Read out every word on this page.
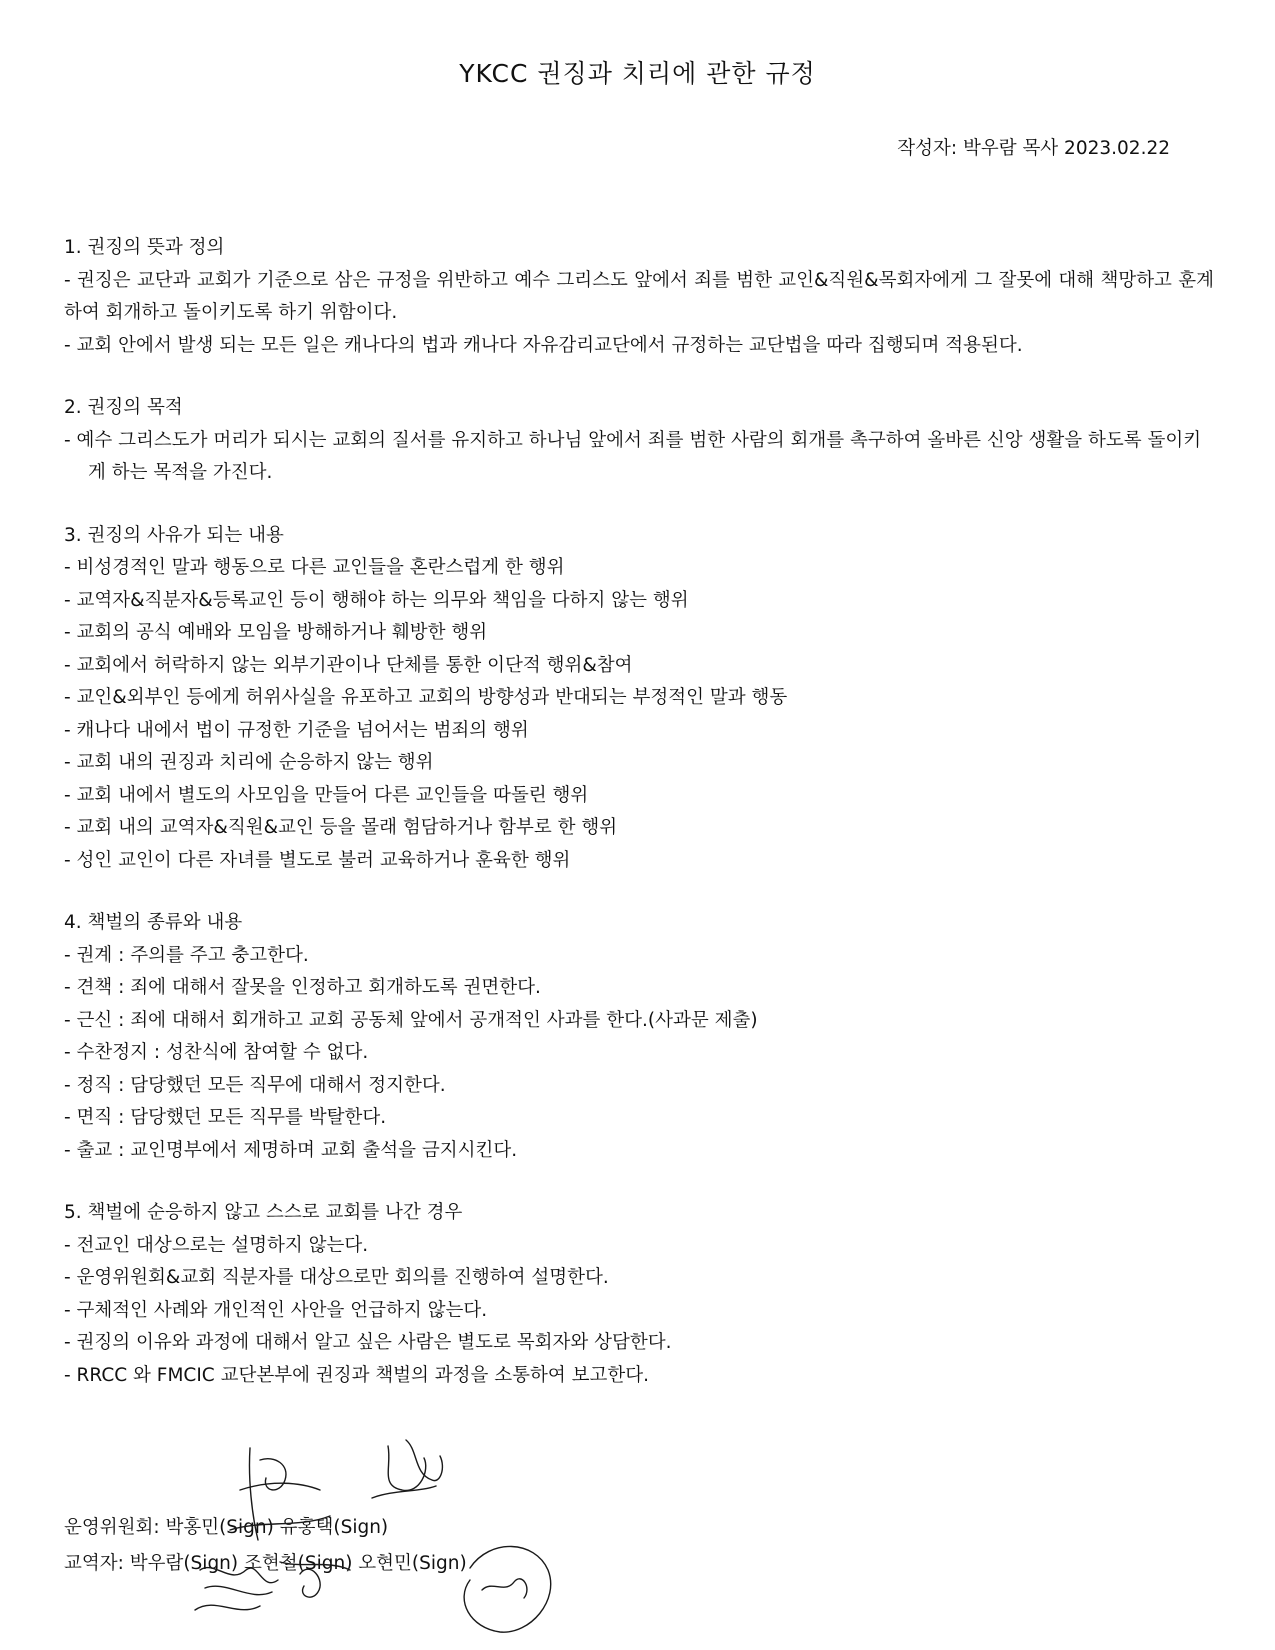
YKCC 권징과 치리에 관한 규정
작성자: 박우람 목사 2023.02.22
1. 권징의 뜻과 정의
- 권징은 교단과 교회가 기준으로 삼은 규정을 위반하고 예수 그리스도 앞에서 죄를 범한 교인&직원&목회자에게 그 잘못에 대해 책망하고 훈계하여 회개하고 돌이키도록 하기 위함이다.
- 교회 안에서 발생 되는 모든 일은 캐나다의 법과 캐나다 자유감리교단에서 규정하는 교단법을 따라 집행되며 적용된다.
2. 권징의 목적
- 예수 그리스도가 머리가 되시는 교회의 질서를 유지하고 하나님 앞에서 죄를 범한 사람의 회개를 촉구하여 올바른 신앙 생활을 하도록 돌이키게 하는 목적을 가진다.
3. 권징의 사유가 되는 내용
- 비성경적인 말과 행동으로 다른 교인들을 혼란스럽게 한 행위
- 교역자&직분자&등록교인 등이 행해야 하는 의무와 책임을 다하지 않는 행위
- 교회의 공식 예배와 모임을 방해하거나 훼방한 행위
- 교회에서 허락하지 않는 외부기관이나 단체를 통한 이단적 행위&참여
- 교인&외부인 등에게 허위사실을 유포하고 교회의 방향성과 반대되는 부정적인 말과 행동
- 캐나다 내에서 법이 규정한 기준을 넘어서는 범죄의 행위
- 교회 내의 권징과 치리에 순응하지 않는 행위
- 교회 내에서 별도의 사모임을 만들어 다른 교인들을 따돌린 행위
- 교회 내의 교역자&직원&교인 등을 몰래 험담하거나 함부로 한 행위
- 성인 교인이 다른 자녀를 별도로 불러 교육하거나 훈육한 행위
4. 책벌의 종류와 내용
- 권계 : 주의를 주고 충고한다.
- 견책 : 죄에 대해서 잘못을 인정하고 회개하도록 권면한다.
- 근신 : 죄에 대해서 회개하고 교회 공동체 앞에서 공개적인 사과를 한다.(사과문 제출)
- 수찬정지 : 성찬식에 참여할 수 없다.
- 정직 : 담당했던 모든 직무에 대해서 정지한다.
- 면직 : 담당했던 모든 직무를 박탈한다.
- 출교 : 교인명부에서 제명하며 교회 출석을 금지시킨다.
5. 책벌에 순응하지 않고 스스로 교회를 나간 경우
- 전교인 대상으로는 설명하지 않는다.
- 운영위원회&교회 직분자를 대상으로만 회의를 진행하여 설명한다.
- 구체적인 사례와 개인적인 사안을 언급하지 않는다.
- 권징의 이유와 과정에 대해서 알고 싶은 사람은 별도로 목회자와 상담한다.
- RRCC 와 FMCIC 교단본부에 권징과 책벌의 과정을 소통하여 보고한다.
운영위원회: 박홍민(Sign) 유홍택(Sign)
교역자: 박우람(Sign) 조현철(Sign) 오현민(Sign)
